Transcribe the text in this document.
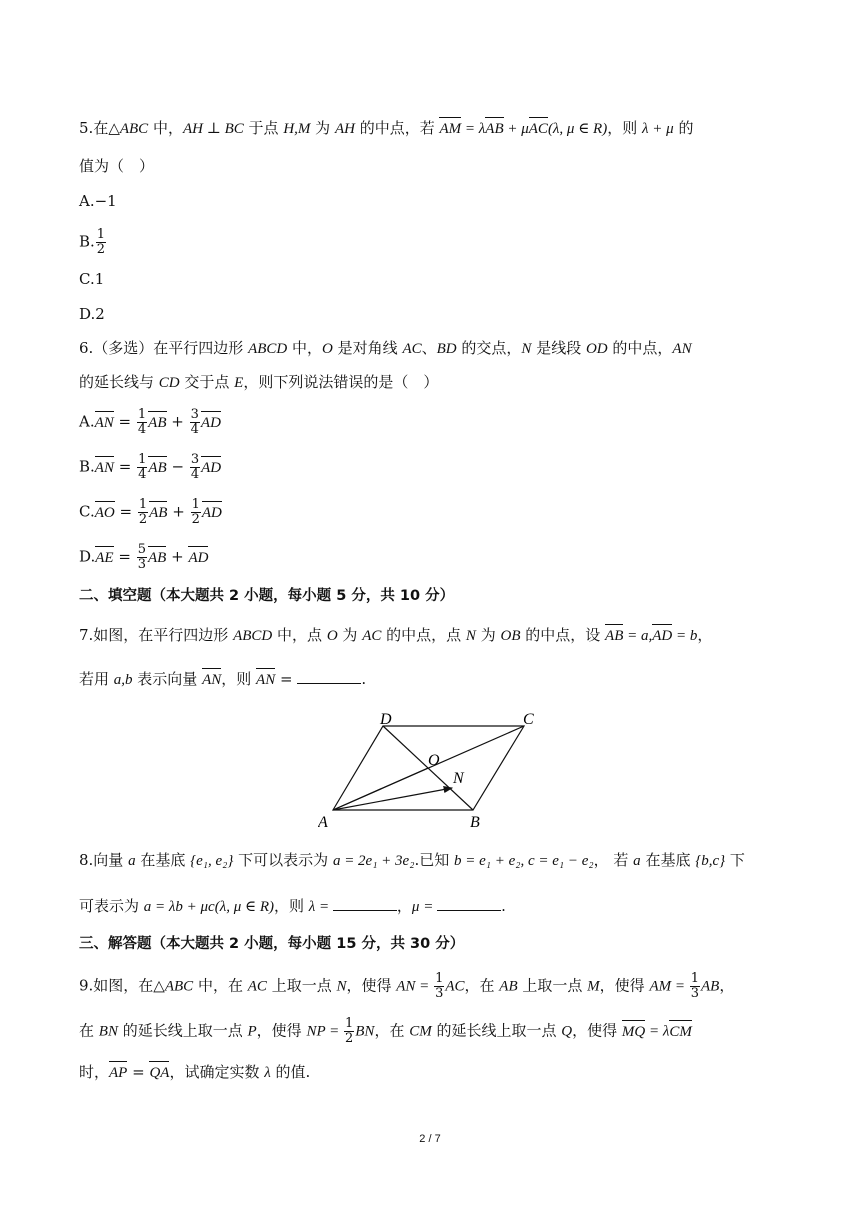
5.在△ABC 中，AH ⊥ BC 于点 H,M 为 AH 的中点，若 AM = λAB + μAC(λ, μ ∈ R)，则 λ + μ 的
值为（　）
A.−1
B. $\frac{1}{2}$
C.1
D.2
6.（多选）在平行四边形 ABCD 中，O 是对角线 AC、BD 的交点，N 是线段 OD 的中点，AN
的延长线与 CD 交于点 E，则下列说法错误的是（　）
$A.AN = \frac{1}{4}$ AB + $\frac{3}{4}$ AD
$B.AN = \frac{1}{4}$ AB − $\frac{3}{4}$ AD
$C.AO = \frac{1}{2}$ AB + $\frac{1}{2}$ AD
$D.AE = \frac{5}{3}$ AB + AD
二、填空题（本大题共 2 小题，每小题 5 分，共 10 分）
7.如图，在平行四边形 ABCD 中，点 O 为 AC 的中点，点 N 为 OB 的中点，设 AB = a,AD = b，
若用 a,b 表示向量 AN，则 AN =	.
A	B
C
D
O
N
8.向量 a 在基底 {e₁, e₂} 下可以表示为 a = 2e₁ + 3e₂.已知 b = e₁ + e₂, c = e₁ − e₂， 若 a 在基底 {b,c} 下
可表示为 a = λb + μc(λ, μ ∈ R)，则 λ =	，μ =	.
三、解答题（本大题共 2 小题，每小题 15 分，共 30 分）
9.如图，在△ABC 中，在 AC 上取一点 N，使得 AN = $\frac{1}{3}$ AC，在 AB 上取一点 M，使得 AM = $\frac{1}{3}$ AB，
在 BN 的延长线上取一点 P，使得 NP = $\frac{1}{2}$ BN，在 CM 的延长线上取一点 Q，使得 MQ = λCM
时，AP = QA，试确定实数 λ 的值.
2 / 7
